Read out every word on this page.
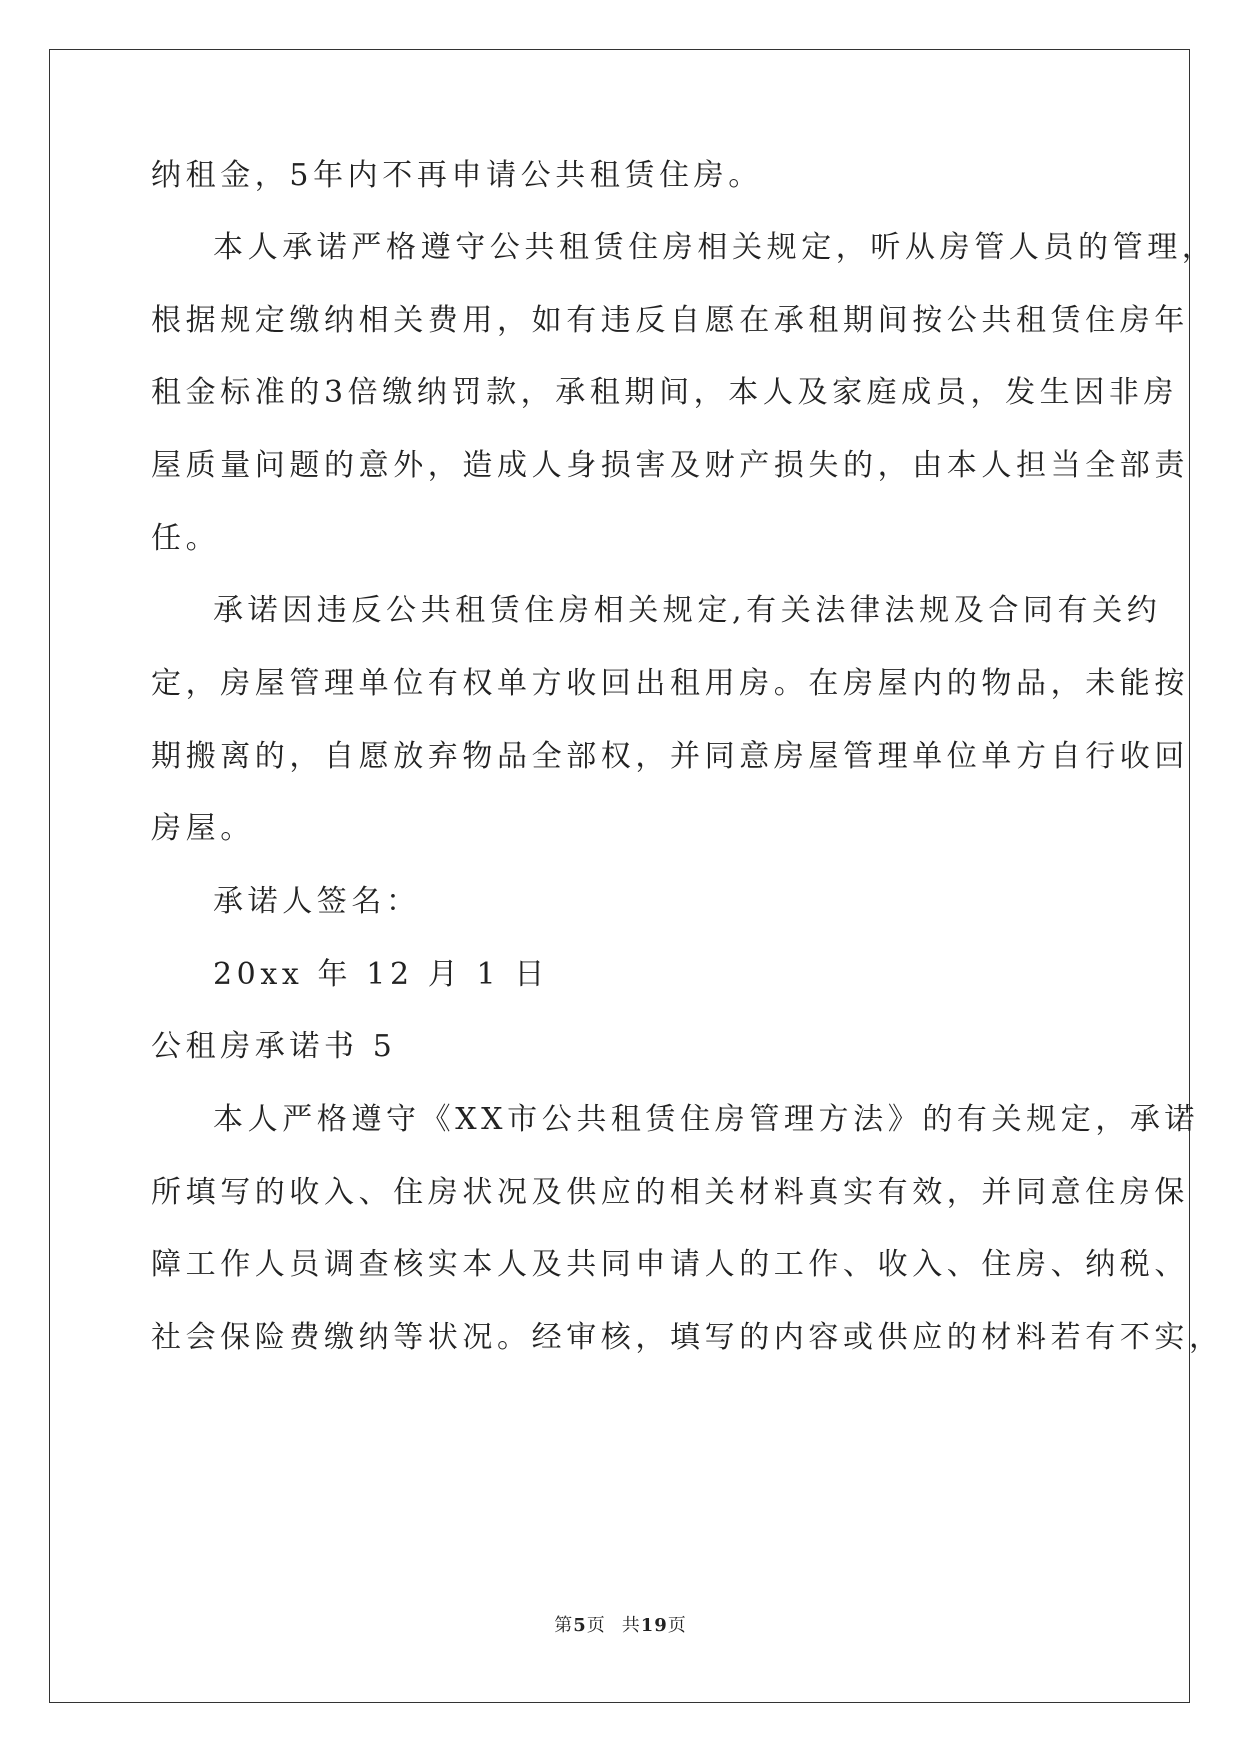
纳租金，5年内不再申请公共租赁住房。
本人承诺严格遵守公共租赁住房相关规定，听从房管人员的管理，
根据规定缴纳相关费用，如有违反自愿在承租期间按公共租赁住房年
租金标准的3倍缴纳罚款，承租期间，本人及家庭成员，发生因非房
屋质量问题的意外，造成人身损害及财产损失的，由本人担当全部责
任。
承诺因违反公共租赁住房相关规定,有关法律法规及合同有关约
定，房屋管理单位有权单方收回出租用房。在房屋内的物品，未能按
期搬离的，自愿放弃物品全部权，并同意房屋管理单位单方自行收回
房屋。
承诺人签名：
20xx 年 12 月 1 日
公租房承诺书 5
本人严格遵守《XX市公共租赁住房管理方法》的有关规定，承诺
所填写的收入、住房状况及供应的相关材料真实有效，并同意住房保
障工作人员调查核实本人及共同申请人的工作、收入、住房、纳税、
社会保险费缴纳等状况。经审核，填写的内容或供应的材料若有不实，
第5页 共19页
